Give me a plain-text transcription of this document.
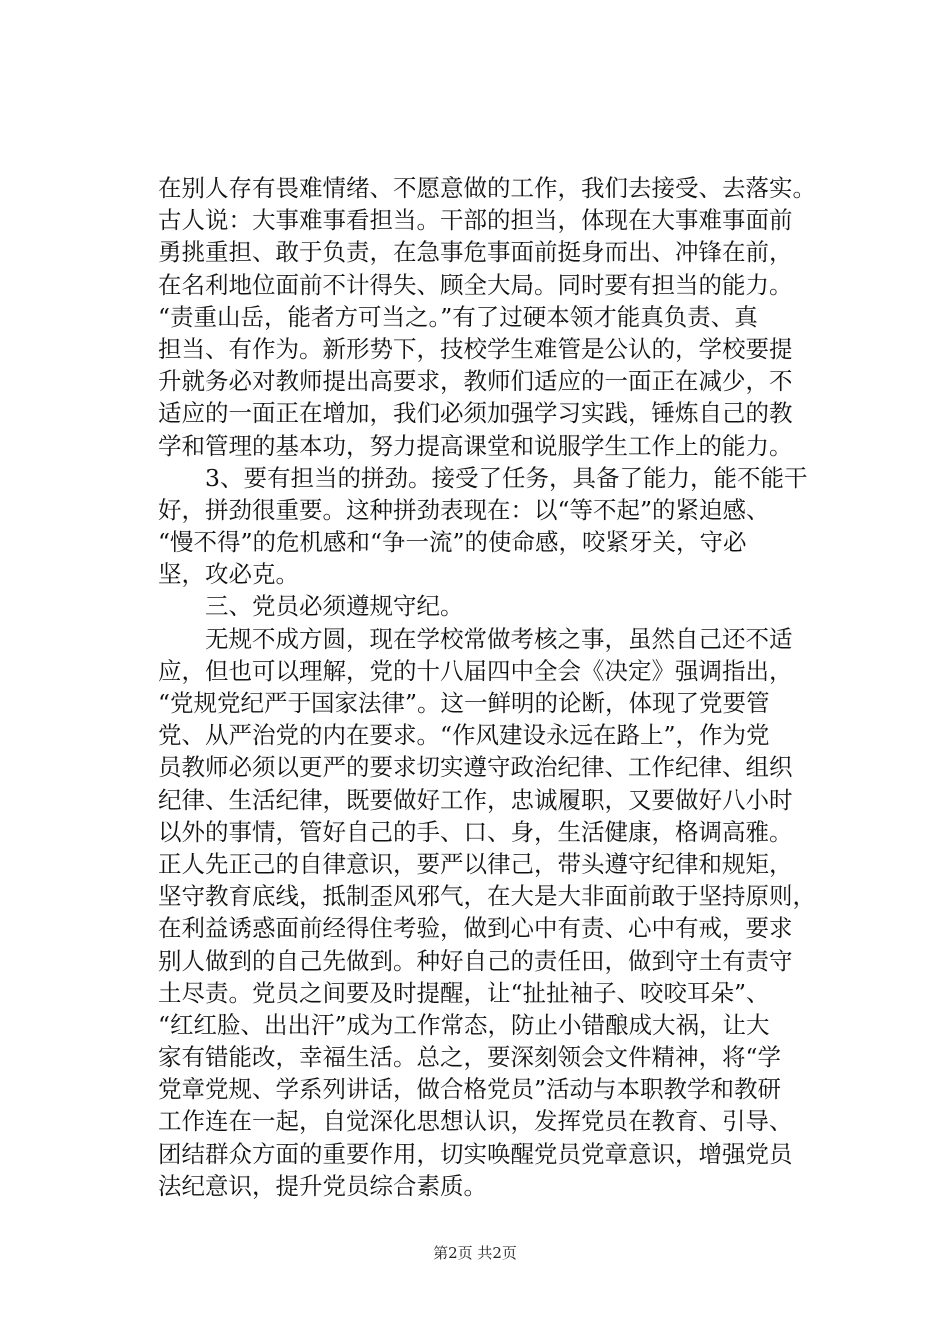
在别人存有畏难情绪、不愿意做的工作，我们去接受、去落实。
古人说：大事难事看担当。干部的担当，体现在大事难事面前
勇挑重担、敢于负责，在急事危事面前挺身而出、冲锋在前，
在名利地位面前不计得失、顾全大局。同时要有担当的能力。
“责重山岳，能者方可当之。”有了过硬本领才能真负责、真
担当、有作为。新形势下，技校学生难管是公认的，学校要提
升就务必对教师提出高要求，教师们适应的一面正在减少，不
适应的一面正在增加，我们必须加强学习实践，锤炼自己的教
学和管理的基本功，努力提高课堂和说服学生工作上的能力。
　　3、要有担当的拼劲。接受了任务，具备了能力，能不能干
好，拼劲很重要。这种拼劲表现在：以“等不起”的紧迫感、
“慢不得”的危机感和“争一流”的使命感，咬紧牙关，守必
坚，攻必克。
　　三、党员必须遵规守纪。
　　无规不成方圆，现在学校常做考核之事，虽然自己还不适
应，但也可以理解，党的十八届四中全会《决定》强调指出，
“党规党纪严于国家法律”。这一鲜明的论断，体现了党要管
党、从严治党的内在要求。“作风建设永远在路上”，作为党
员教师必须以更严的要求切实遵守政治纪律、工作纪律、组织
纪律、生活纪律，既要做好工作，忠诚履职，又要做好八小时
以外的事情，管好自己的手、口、身，生活健康，格调高雅。
正人先正己的自律意识，要严以律己，带头遵守纪律和规矩，
坚守教育底线，抵制歪风邪气，在大是大非面前敢于坚持原则，
在利益诱惑面前经得住考验，做到心中有责、心中有戒，要求
别人做到的自己先做到。种好自己的责任田，做到守土有责守
土尽责。党员之间要及时提醒，让“扯扯袖子、咬咬耳朵”、
“红红脸、出出汗”成为工作常态，防止小错酿成大祸，让大
家有错能改，幸福生活。总之，要深刻领会文件精神，将“学
党章党规、学系列讲话，做合格党员”活动与本职教学和教研
工作连在一起，自觉深化思想认识，发挥党员在教育、引导、
团结群众方面的重要作用，切实唤醒党员党章意识，增强党员
法纪意识，提升党员综合素质。
第2页 共2页
